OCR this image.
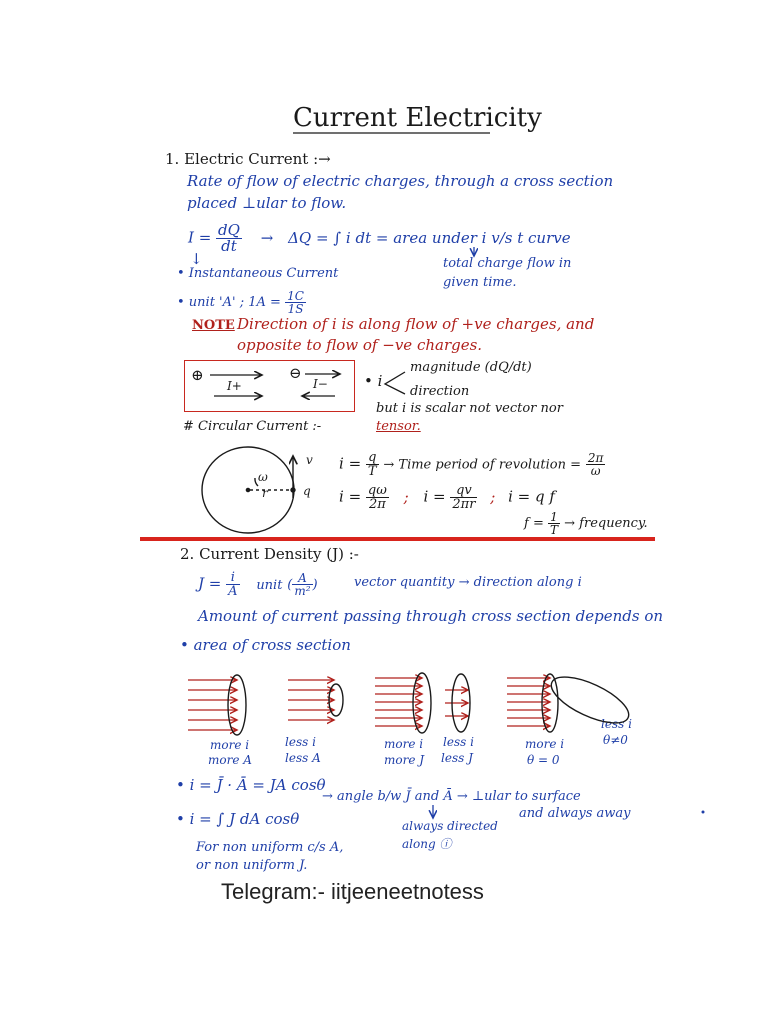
Current Electricity
1. Electric Current :→
Rate of flow of electric charges, through a cross section
placed ⊥ular to flow.
$I = \frac{dQ}{dt} \to \Delta Q$ = ∫ i dt = area under i v/s t curve
↓	total charge flow in
given time.
• Instantaneous Current
• unit 'A' ; $1A = \frac{1C}{1S}$
NOTE Direction of i is along flow of +ve charges, and
opposite to flow of −ve charges.
⊕	⊖
I+	I− • i
magnitude (dQ/dt)
direction
but i is scalar not vector nor
tensor.
# Circular Current :-
v
ω
r	q
$i = \frac{q}{T}$ → Time period of revolution = $\frac{2\pi}{\omega}$
$i = \frac{q\omega}{2\pi}$ ; $i = \frac{qv}{2\pi r}$ ; i = q f
$f = \frac{1}{T}$ → frequency.
2. Current Density (J) :-
$J = \frac{i}{A}$ unit ( $\frac{A}{\text{m²}}$ )	vector quantity → direction along i
Amount of current passing through cross section depends on
• area of cross section
more i
more A
less i
less A
more i
more J
less i
less J
more i
θ = 0
less i
θ≠0
• i = J̄ · Ā = JA cosθ
→ angle b/w J̄ and Ā → ⊥ular to surface
and always away
always directed
along ⓘ
• i = ∫ J dA cosθ
For non uniform c/s A,
or non uniform J.
Telegram:- iitjeeneetnotess
